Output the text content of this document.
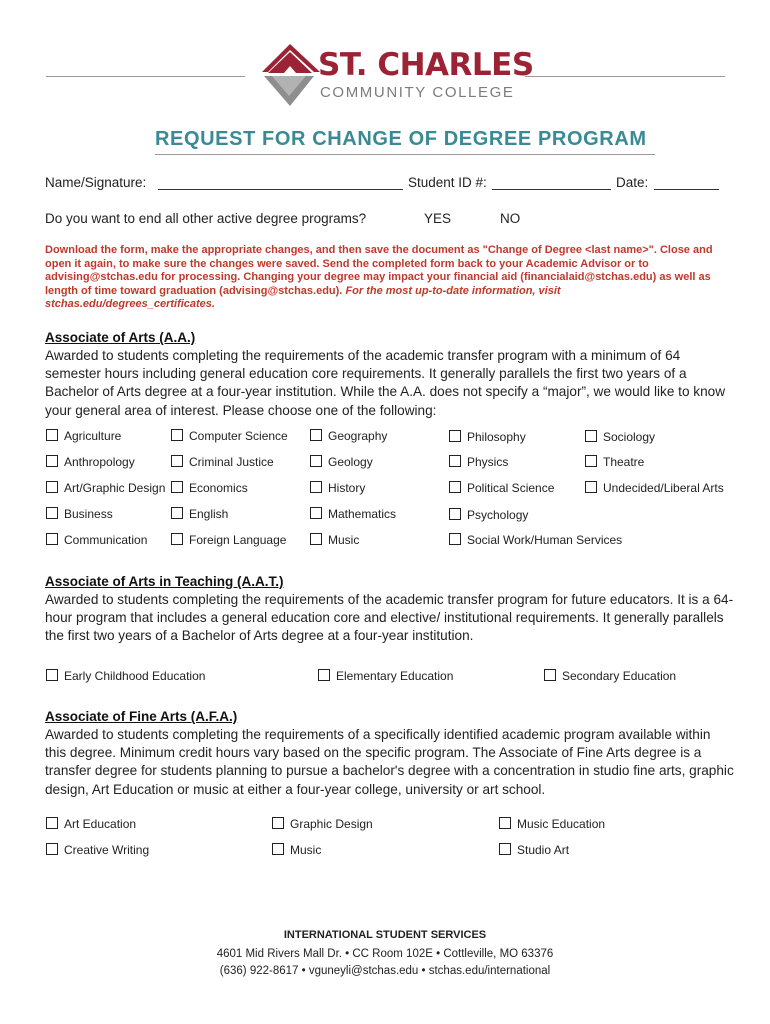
ST. CHARLES
COMMUNITY COLLEGE
REQUEST FOR CHANGE OF DEGREE PROGRAM
Name/Signature:	Student ID #:	Date:
Do you want to end all other active degree programs?	YES	NO
Download the form, make the appropriate changes, and then save the document as "Change of Degree <last name>". Close and open it again, to make sure the changes were saved. Send the completed form back to your Academic Advisor or to advising@stchas.edu for processing. Changing your degree may impact your financial aid (financialaid@stchas.edu) as well as length of time toward graduation (advising@stchas.edu). For the most up-to-date information, visit stchas.edu/degrees_certificates.
Associate of Arts (A.A.)
Awarded to students completing the requirements of the academic transfer program with a minimum of 64 semester hours including general education core requirements. It generally parallels the first two years of a Bachelor of Arts degree at a four-year institution. While the A.A. does not specify a “major”, we would like to know your general area of interest. Please choose one of the following:
Agriculture	Computer Science	Geography	Philosophy	Sociology
Anthropology	Criminal Justice	Geology	Physics	Theatre
Art/Graphic Design	Economics	History	Political Science	Undecided/Liberal Arts
Business	English	Mathematics	Psychology
Communication	Foreign Language	Music	Social Work/Human Services
Associate of Arts in Teaching (A.A.T.)
Awarded to students completing the requirements of the academic transfer program for future educators. It is a 64- hour program that includes a general education core and elective/ institutional requirements. It generally parallels the first two years of a Bachelor of Arts degree at a four-year institution.
Early Childhood Education	Elementary Education	Secondary Education
Associate of Fine Arts (A.F.A.)
Awarded to students completing the requirements of a specifically identified academic program available within this degree. Minimum credit hours vary based on the specific program. The Associate of Fine Arts degree is a transfer degree for students planning to pursue a bachelor's degree with a concentration in studio fine arts, graphic design, Art Education or music at either a four-year college, university or art school.
Art Education	Graphic Design	Music Education
Creative Writing	Music	Studio Art
INTERNATIONAL STUDENT SERVICES
4601 Mid Rivers Mall Dr. • CC Room 102E • Cottleville, MO 63376
(636) 922-8617 • vguneyli@stchas.edu • stchas.edu/international
